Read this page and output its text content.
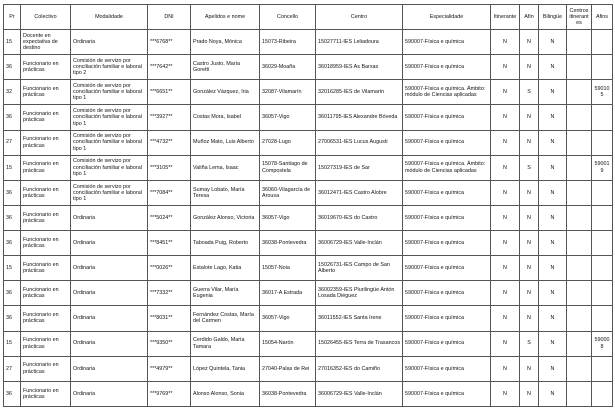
Pr	Colectivo	Modalidade	DNI	Apelidos e nome	Concello	Centro	Especialidade	Itinerante	Afín	Bilingüe	Centros itinerantes	Afins
15	Docente en expectativa de destino	Ordinaria	***6768**	Prado Noya, Mónica	15073-Ribeira	15027711-IES Leliadoura	590007-Física e química	N	N	N		
36	Funcionario en prácticas	Comisión de servizo por conciliación familiar e laboral tipo 2	***7642**	Castro Justo, María Goretti	36029-Moaña	36018959-IES As Barxas	590007-Física e química	N	N	N		
32	Funcionario en prácticas	Comisión de servizo por conciliación familiar e laboral tipo 1	***6651**	González Vázquez, Iria	32087-Vilamarín	32016285-IES de Vilamarín	590007-Física e química. Ámbito: módulo de Ciencias aplicadas	N	S	N		590105
36	Funcionario en prácticas	Comisión de servizo por conciliación familiar e laboral tipo 1	***3927**	Costas Mora, Isabel	36057-Vigo	36011795-IES Alexandre Bóveda	590007-Física e química	N	N	N		
27	Funcionario en prácticas	Comisión de servizo por conciliación familiar e laboral tipo 1	***4732**	Muñoz Mato, Luis Alberto	27028-Lugo	27006531-IES Lucus Augusti	590007-Física e química	N	N	N		
15	Funcionario en prácticas	Comisión de servizo por conciliación familiar e laboral tipo 1	***3105**	Valiña Lema, Isaac	15078-Santiago de Compostela	15027319-IES de Sar	590007-Física e química. Ámbito: módulo de Ciencias aplicadas	N	S	N		590019
36	Funcionario en prácticas	Comisión de servizo por conciliación familiar e laboral tipo 1	***7084**	Sumay Lobato, María Teresa	36060-Vilagarcía de Arousa	36012471-IES Castro Alobre	590007-Física e química	N	N	N		
36	Funcionario en prácticas	Ordinaria	***5024**	González Alonso, Victoria	36057-Vigo	36019670-IES do Castro	590007-Física e química	N	N	N		
36	Funcionario en prácticas	Ordinaria	***8451**	Taboada Puig, Roberto	36038-Pontevedra	36006729-IES Valle-Inclán	590007-Física e química	N	N	N		
15	Funcionario en prácticas	Ordinaria	***0026**	Estalote Lago, Katia	15057-Noia	15026731-IES Campo de San Alberto	590007-Física e química	N	N	N		
36	Funcionario en prácticas	Ordinaria	***7332**	Guerra Vilar, María Eugenia	36017-A Estrada	36002359-IES Plurilingüe Antón Losada Diéguez	590007-Física e química	N	N	N		
36	Funcionario en prácticas	Ordinaria	***8031**	Fernández Costas, María del Carmen	36057-Vigo	36011552-IES Santa Irene	590007-Física e química	N	N	N		
15	Funcionario en prácticas	Ordinaria	***9350**	Cerdido Galdo, María Tamara	15054-Narón	15026455-IES Terra de Trasancos	590007-Física e química	N	S	N		590008
27	Funcionario en prácticas	Ordinaria	***4979**	López Quintela, Tania	27040-Palas de Rei	27016352-IES do Camiño	590007-Física e química	N	N	N		
36	Funcionario en prácticas	Ordinaria	***9769**	Alonso Alonso, Sonia	36038-Pontevedra	36006729-IES Valle-Inclán	590007-Física e química	N	N	N		
